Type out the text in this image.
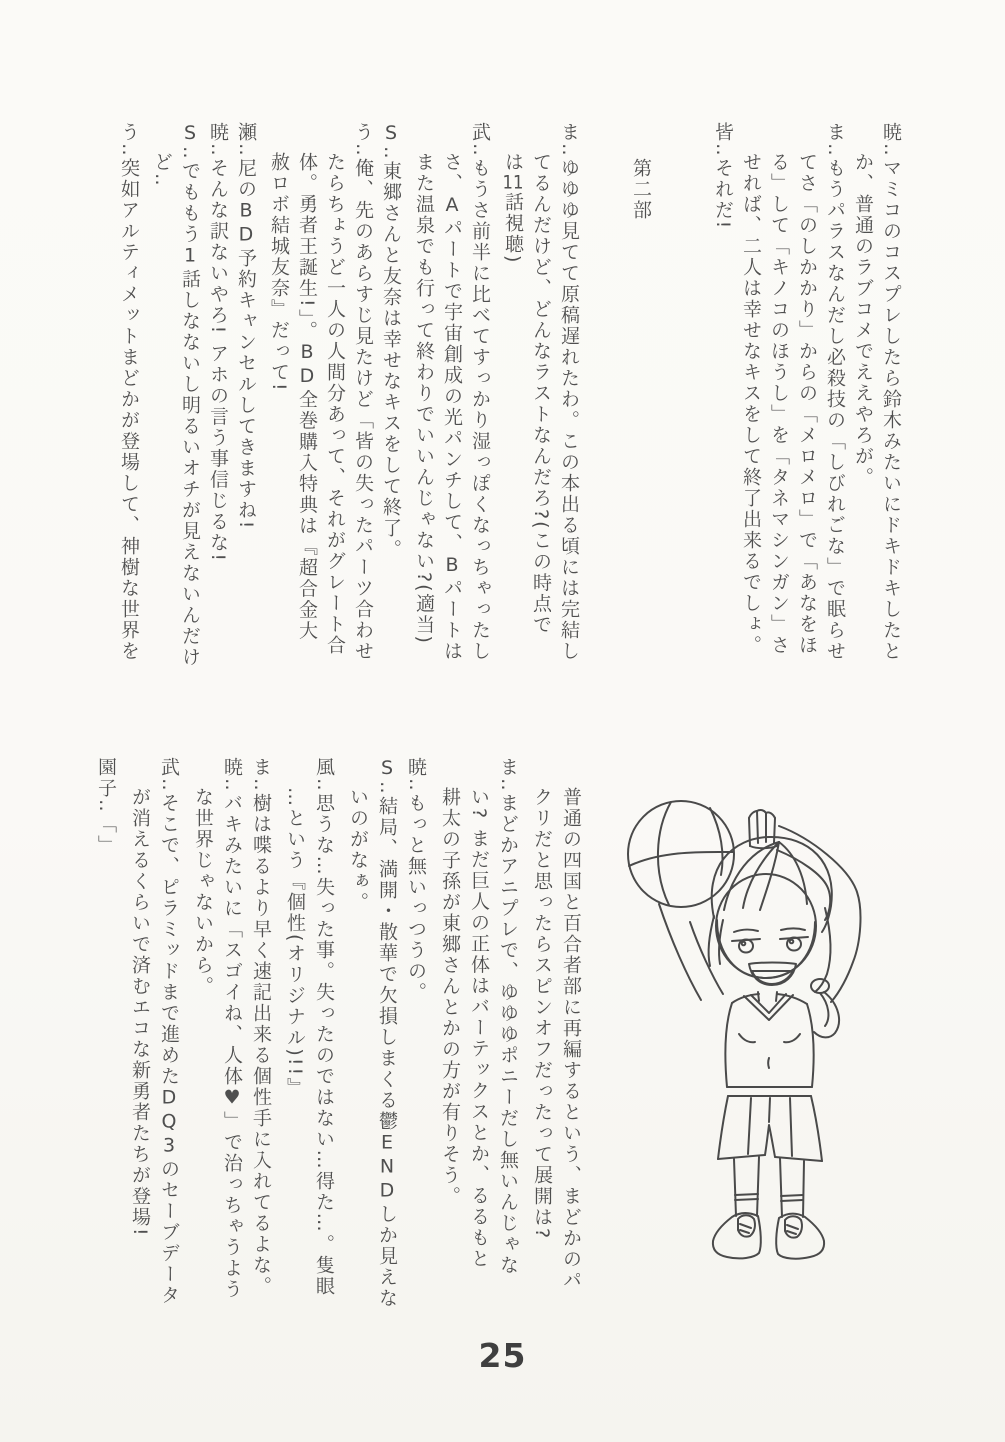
暁‥マミコのコスプレしたら鈴木みたいにドキドキしたと

か、普通のラブコメでええやろが。

ま‥もうパラスなんだし必殺技の「しびれごな」で眠らせ

てさ「のしかかり」からの「メロメロ」で「あなをほ

る」して「キノコのほうし」を「タネマシンガン」さ

せれば、二人は幸せなキスをして終了出来るでしょ。

皆‥それだ!

第二部

ま‥ゆゆゆ見てて原稿遅れたわ。この本出る頃には完結し

てるんだけど、どんなラストなんだろ?(この時点で

は11話視聴)

武‥もうさ前半に比べてすっかり湿っぽくなっちゃったし

さ、Aパートで宇宙創成の光パンチして、Bパートは

また温泉でも行って終わりでいいんじゃない?(適当)

S‥東郷さんと友奈は幸せなキスをして終了。

う‥俺、先のあらすじ見たけど「皆の失ったパーツ合わせ

たらちょうど一人の人間分あって、それがグレート合

体。勇者王誕生!」。BD全巻購入特典は『超合金大

赦ロボ結城友奈』だって!

瀬‥尼のBD予約キャンセルしてきますね!

暁‥そんな訳ないやろ! アホの言う事信じるな!

S‥でももう1話しなないし明るいオチが見えないんだけ

ど‥

う‥突如アルティメットまどかが登場して、神樹な世界を

普通の四国と百合者部に再編するという、まどかのパ

クリだと思ったらスピンオフだったって展開は?

ま‥まどかアニプレで、ゆゆゆポニーだし無いんじゃな

い? まだ巨人の正体はバーテックスとか、るるもと

耕太の子孫が東郷さんとかの方が有りそう。

暁‥もっと無いっつうの。

S‥結局、満開・散華で欠損しまくる鬱ENDしか見えな

いのがなぁ。

風‥思うな…失った事。失ったのではない…得た…。隻眼

…という『個性(オリジナル)!!』

ま‥樹は喋るより早く速記出来る個性手に入れてるよな。

暁‥バキみたいに「スゴイね、人体♥」で治っちゃうよう

な世界じゃないから。

武‥そこで、ピラミッドまで進めたDQ3のセーブデータ

が消えるくらいで済むエコな新勇者たちが登場!

園子‥「」

25
